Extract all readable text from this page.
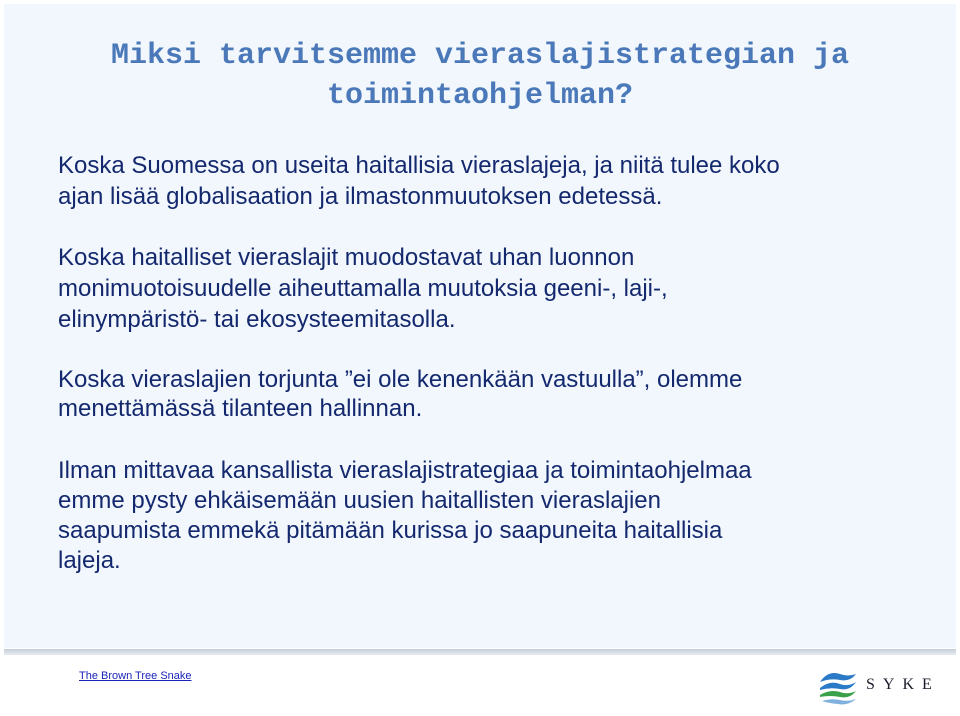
Miksi tarvitsemme vieraslajistrategian ja
toimintaohjelman?

Koska Suomessa on useita haitallisia vieraslajeja, ja niitä tulee koko
ajan lisää globalisaation ja ilmastonmuutoksen edetessä.

Koska haitalliset vieraslajit muodostavat uhan luonnon
monimuotoisuudelle aiheuttamalla muutoksia geeni-, laji-,
elinympäristö- tai ekosysteemitasolla.

Koska vieraslajien torjunta ”ei ole kenenkään vastuulla”, olemme
menettämässä tilanteen hallinnan.

Ilman mittavaa kansallista vieraslajistrategiaa ja toimintaohjelmaa
emme pysty ehkäisemään uusien haitallisten vieraslajien
saapumista emmekä pitämään kurissa jo saapuneita haitallisia
lajeja.

The Brown Tree Snake	SYKE
